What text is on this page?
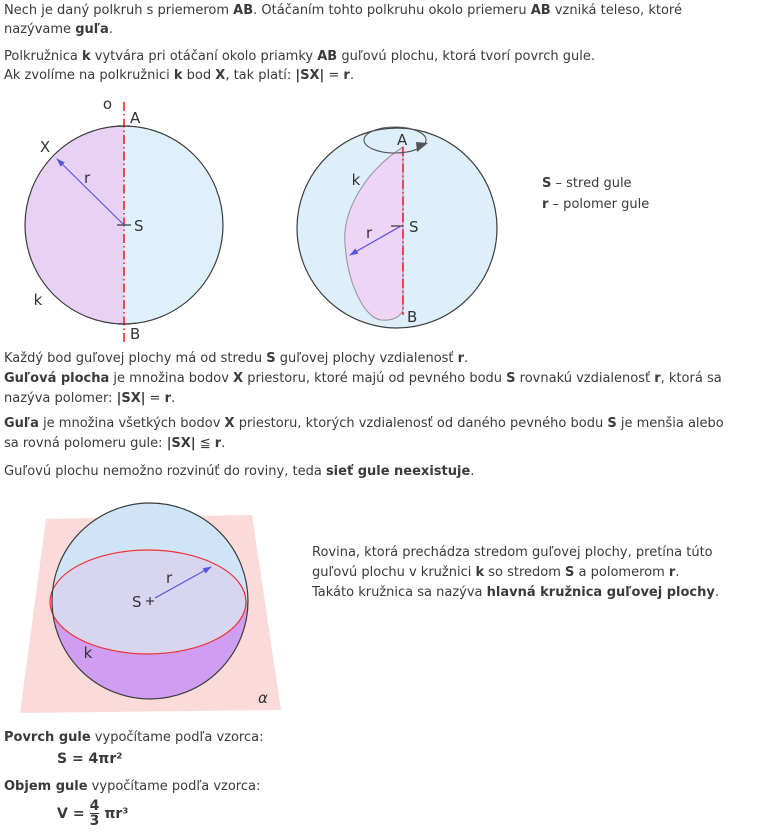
Nech je daný polkruh s priemerom AB. Otáčaním tohto polkruhu okolo priemeru AB vzniká teleso, ktoré
nazývame guľa.
Polkružnica k vytvára pri otáčaní okolo priamky AB guľovú plochu, ktorá tvorí povrch gule.
Ak zvolíme na polkružnici k bod X, tak platí: |SX| = r.
o
A
B
S
X
r
k
A
B
S
r
k	S – stred gule
r – polomer gule
Každý bod guľovej plochy má od stredu S guľovej plochy vzdialenosť r.
Guľová plocha je množina bodov X priestoru, ktoré majú od pevného bodu S rovnakú vzdialenosť r, ktorá sa
nazýva polomer: |SX| = r.
Guľa je množina všetkých bodov X priestoru, ktorých vzdialenosť od daného pevného bodu S je menšia alebo
sa rovná polomeru gule: |SX| ≦ r.
Guľovú plochu nemožno rozvinúť do roviny, teda sieť gule neexistuje.
S
r
k
α
Rovina, ktorá prechádza stredom guľovej plochy, pretína túto
guľovú plochu v kružnici k so stredom S a polomerom r.
Takáto kružnica sa nazýva hlavná kružnica guľovej plochy.
Povrch gule vypočítame podľa vzorca:
S = 4πr²
Objem gule vypočítame podľa vzorca:
$V = \frac{4}{3} \pi r^3$
